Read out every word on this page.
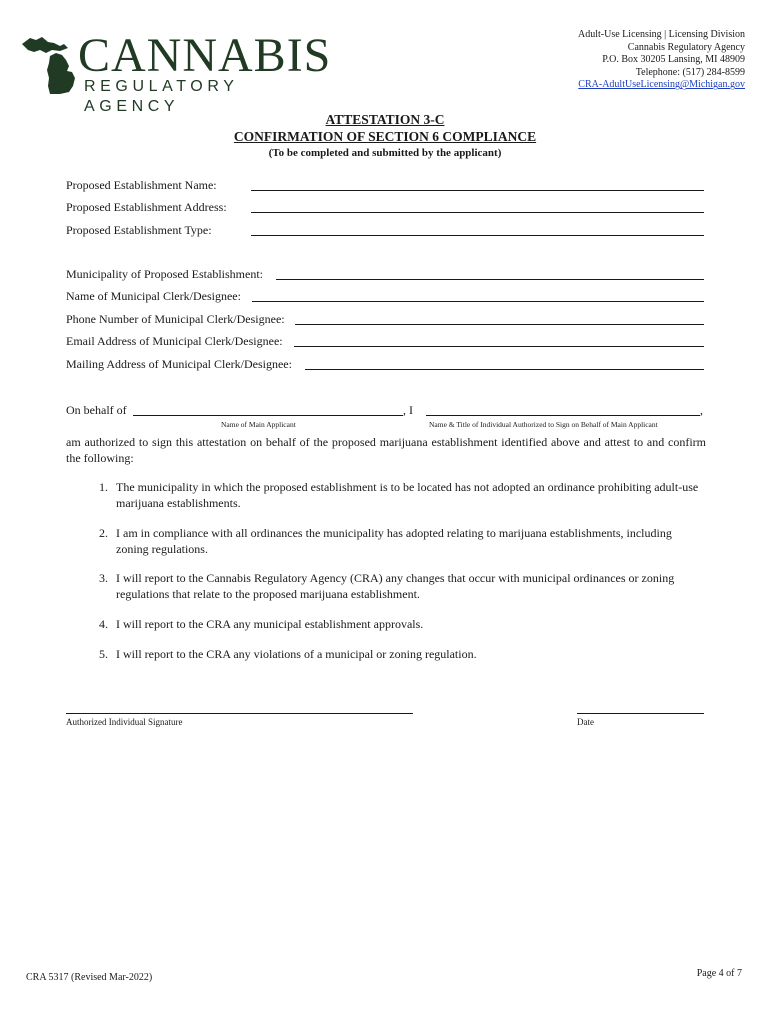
CANNABIS
REGULATORY AGENCY
Adult-Use Licensing | Licensing Division
Cannabis Regulatory Agency
P.O. Box 30205 Lansing, MI 48909
Telephone: (517) 284-8599
CRA-AdultUseLicensing@Michigan.gov
ATTESTATION 3-C
CONFIRMATION OF SECTION 6 COMPLIANCE
(To be completed and submitted by the applicant)
Proposed Establishment Name:
Proposed Establishment Address:
Proposed Establishment Type:
Municipality of Proposed Establishment:
Name of Municipal Clerk/Designee:
Phone Number of Municipal Clerk/Designee:
Email Address of Municipal Clerk/Designee:
Mailing Address of Municipal Clerk/Designee:
On behalf of	, I	,
Name of Main Applicant	Name & Title of Individual Authorized to Sign on Behalf of Main Applicant
am authorized to sign this attestation on behalf of the proposed marijuana establishment identified above and attest to and confirm the following:
1. The municipality in which the proposed establishment is to be located has not adopted an ordinance prohibiting adult-use marijuana establishments.
2. I am in compliance with all ordinances the municipality has adopted relating to marijuana establishments, including zoning regulations.
3. I will report to the Cannabis Regulatory Agency (CRA) any changes that occur with municipal ordinances or zoning regulations that relate to the proposed marijuana establishment.
4. I will report to the CRA any municipal establishment approvals.
5. I will report to the CRA any violations of a municipal or zoning regulation.
Authorized Individual Signature	Date
CRA 5317 (Revised Mar-2022)	Page 4 of 7
